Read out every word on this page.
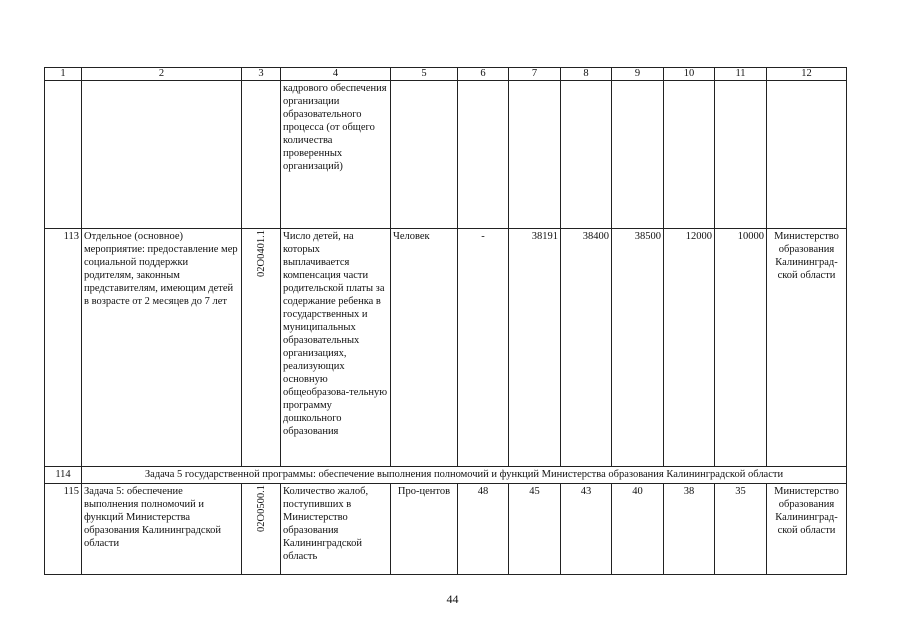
1	2	3	4	5	6	7	8	9	10	11	12
			кадрового обеспечения организации образовательного процесса (от общего количества проверенных организаций)								
113	Отдельное (основное) мероприятие: предоставление мер социальной поддержки родителям, законным представителям, имеющим детей в возрасте от 2 месяцев до 7 лет	02О0401.1	Число детей, на которых выплачивается компенсация части родительской платы за содержание ребенка в государственных и муниципальных образовательных организациях, реализующих основную общеобразова-тельную программу дошкольного образования	Человек	-	38191	38400	38500	12000	10000	Министерство образования Калининград-ской области
114	Задача 5 государственной программы: обеспечение выполнения полномочий и функций Министерства образования Калининградской области										
115	Задача 5: обеспечение выполнения полномочий и функций Министерства образования Калининградской области	02О0500.1	Количество жалоб, поступивших в Министерство образования Калининградской область	Про-центов	48	45	43	40	38	35	Министерство образования Калининград-ской области
44
